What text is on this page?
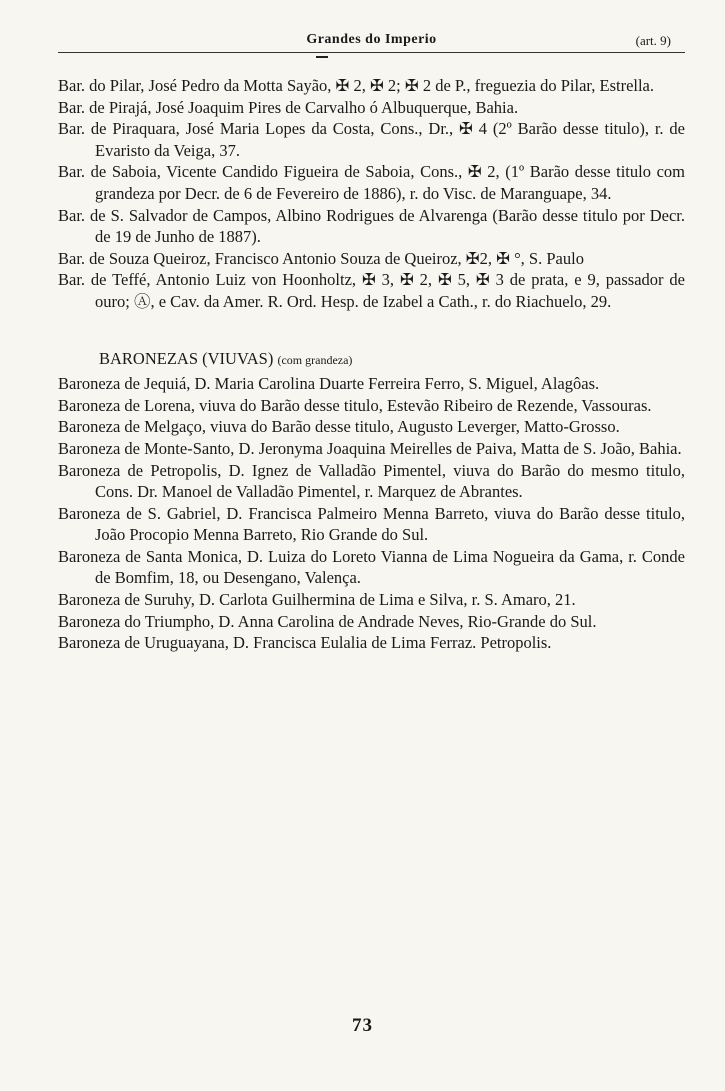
Grandes do Imperio	(art. 9)

Bar. do Pilar, José Pedro da Motta Sayão, ✠ 2, ✠ 2; ✠ 2 de P., freguezia do Pilar, Estrella.

Bar. de Pirajá, José Joaquim Pires de Carvalho ó Albuquerque, Bahia.

Bar. de Piraquara, José Maria Lopes da Costa, Cons., Dr., ✠ 4 (2º Barão desse titulo), r. de Evaristo da Veiga, 37.

Bar. de Saboia, Vicente Candido Figueira de Saboia, Cons., ✠ 2, (1º Barão desse titulo com grandeza por Decr. de 6 de Fevereiro de 1886), r. do Visc. de Maranguape, 34.

Bar. de S. Salvador de Campos, Albino Rodrigues de Alvarenga (Barão desse titulo por Decr. de 19 de Junho de 1887).

Bar. de Souza Queiroz, Francisco Antonio Souza de Queiroz, ✠2, ✠ °, S. Paulo

Bar. de Teffé, Antonio Luiz von Hoonholtz, ✠ 3, ✠ 2, ✠ 5, ✠ 3 de prata, e 9, passador de ouro; Ⓐ, e Cav. da Amer. R. Ord. Hesp. de Izabel a Cath., r. do Riachuelo, 29.

BARONEZAS (VIUVAS) (com grandeza)

Baroneza de Jequiá, D. Maria Carolina Duarte Ferreira Ferro, S. Miguel, Alagôas.

Baroneza de Lorena, viuva do Barão desse titulo, Estevão Ribeiro de Rezende, Vassouras.

Baroneza de Melgaço, viuva do Barão desse titulo, Augusto Leverger, Matto-Grosso.

Baroneza de Monte-Santo, D. Jeronyma Joaquina Meirelles de Paiva, Matta de S. João, Bahia.

Baroneza de Petropolis, D. Ignez de Valladão Pimentel, viuva do Barão do mesmo titulo, Cons. Dr. Manoel de Valladão Pimentel, r. Marquez de Abrantes.

Baroneza de S. Gabriel, D. Francisca Palmeiro Menna Barreto, viuva do Barão desse titulo, João Procopio Menna Barreto, Rio Grande do Sul.

Baroneza de Santa Monica, D. Luiza do Loreto Vianna de Lima Nogueira da Gama, r. Conde de Bomfim, 18, ou Desengano, Valença.

Baroneza de Suruhy, D. Carlota Guilhermina de Lima e Silva, r. S. Amaro, 21.

Baroneza do Triumpho, D. Anna Carolina de Andrade Neves, Rio-Grande do Sul.

Baroneza de Uruguayana, D. Francisca Eulalia de Lima Ferraz. Petropolis.

73
